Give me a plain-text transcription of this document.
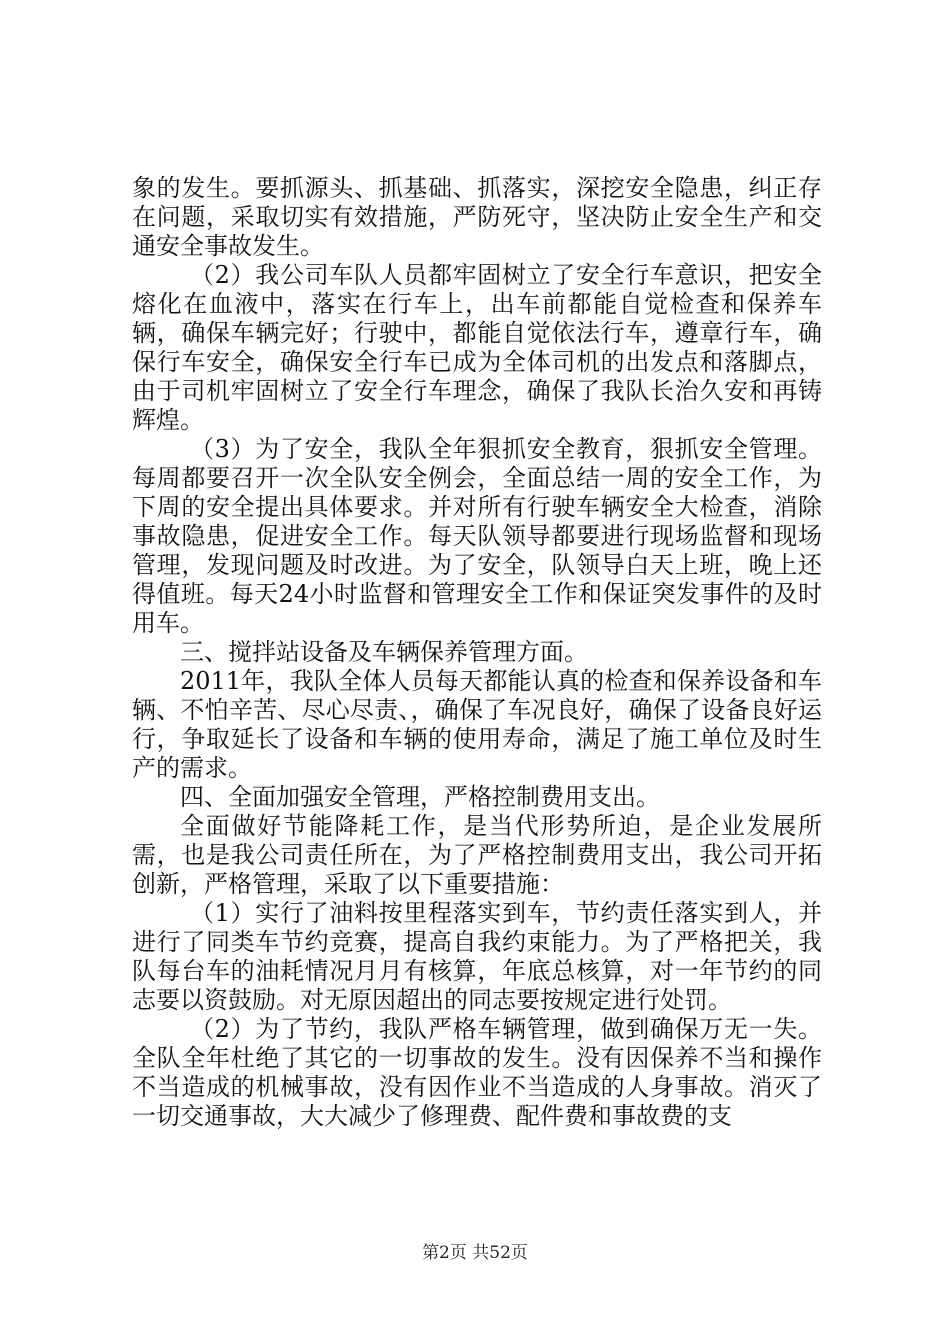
象的发生。要抓源头、抓基础、抓落实，深挖安全隐患，纠正存在问题，采取切实有效措施，严防死守，坚决防止安全生产和交通安全事故发生。

（2）我公司车队人员都牢固树立了安全行车意识，把安全熔化在血液中，落实在行车上，出车前都能自觉检查和保养车辆，确保车辆完好；行驶中，都能自觉依法行车，遵章行车，确保行车安全，确保安全行车已成为全体司机的出发点和落脚点，由于司机牢固树立了安全行车理念，确保了我队长治久安和再铸辉煌。

（3）为了安全，我队全年狠抓安全教育，狠抓安全管理。每周都要召开一次全队安全例会，全面总结一周的安全工作，为下周的安全提出具体要求。并对所有行驶车辆安全大检查，消除事故隐患，促进安全工作。每天队领导都要进行现场监督和现场管理，发现问题及时改进。为了安全，队领导白天上班，晚上还得值班。每天24小时监督和管理安全工作和保证突发事件的及时用车。

三、搅拌站设备及车辆保养管理方面。

2011年，我队全体人员每天都能认真的检查和保养设备和车辆、不怕辛苦、尽心尽责、，确保了车况良好，确保了设备良好运行，争取延长了设备和车辆的使用寿命，满足了施工单位及时生产的需求。

四、全面加强安全管理，严格控制费用支出。

全面做好节能降耗工作，是当代形势所迫，是企业发展所需，也是我公司责任所在，为了严格控制费用支出，我公司开拓创新，严格管理，采取了以下重要措施：

（1）实行了油料按里程落实到车，节约责任落实到人，并进行了同类车节约竞赛，提高自我约束能力。为了严格把关，我队每台车的油耗情况月月有核算，年底总核算，对一年节约的同志要以资鼓励。对无原因超出的同志要按规定进行处罚。

（2）为了节约，我队严格车辆管理，做到确保万无一失。全队全年杜绝了其它的一切事故的发生。没有因保养不当和操作不当造成的机械事故，没有因作业不当造成的人身事故。消灭了一切交通事故，大大减少了修理费、配件费和事故费的支

第2页 共52页
